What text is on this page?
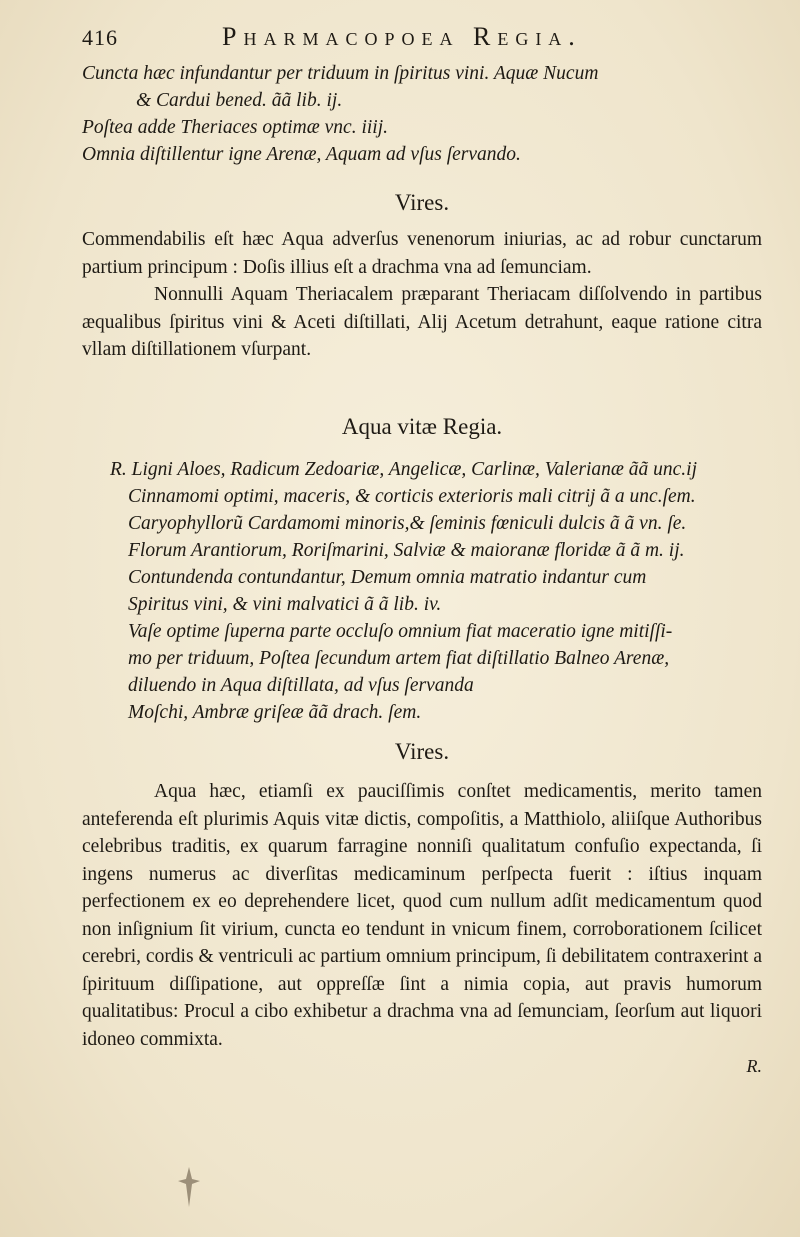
416	Pharmacopoea Regia.
Cuncta hæc infundantur per triduum in ſpiritus vini. Aquæ Nucum
& Cardui bened. ãã lib. ij.
Poſtea adde Theriaces optimæ vnc. iiij.
Omnia diſtillentur igne Arenæ, Aquam ad vſus ſervando.
Vires.

Commendabilis eſt hæc Aqua adverſus venenorum iniurias, ac ad robur cunctarum partium principum : Doſis illius eſt a drachma vna ad ſemunciam.

Nonnulli Aquam Theriacalem præparant Theriacam diſſolvendo in partibus æqualibus ſpiritus vini & Aceti diſtillati, Alij Acetum detrahunt, eaque ratione citra vllam diſtillationem vſurpant.

Aqua vitæ Regia.
R. Ligni Aloes, Radicum Zedoariæ, Angelicæ, Carlinæ, Valerianæ ãã unc.ij
Cinnamomi optimi, maceris, & corticis exterioris mali citrij ã a unc.ſem.
Caryophyllorũ Cardamomi minoris,& ſeminis fœniculi dulcis ã ã vn. ſe.
Florum Arantiorum, Roriſmarini, Salviæ & maioranæ floridæ ã ã m. ij.
Contundenda contundantur, Demum omnia matratio indantur cum
Spiritus vini, & vini malvatici ã ã lib. iv.
Vaſe optime ſuperna parte occluſo omnium fiat maceratio igne mitiſſi-
mo per triduum, Poſtea ſecundum artem fiat diſtillatio Balneo Arenæ,
diluendo in Aqua diſtillata, ad vſus ſervanda
Moſchi, Ambræ griſeæ ãã drach. ſem.
Vires.

Aqua hæc, etiamſi ex pauciſſimis conſtet medicamentis, merito tamen anteferenda eſt plurimis Aquis vitæ dictis, compoſitis, a Matthiolo, aliiſque Authoribus celebribus traditis, ex quarum farragine nonniſi qualitatum confuſio expectanda, ſi ingens numerus ac diverſitas medicaminum perſpecta fuerit : iſtius inquam perfectionem ex eo deprehendere licet, quod cum nullum adſit medicamentum quod non inſignium ſit virium, cuncta eo tendunt in vnicum finem, corroborationem ſcilicet cerebri, cordis & ventriculi ac partium omnium principum, ſi debilitatem contraxerint a ſpirituum diſſipatione, aut oppreſſæ ſint a nimia copia, aut pravis humorum qualitatibus: Procul a cibo exhibetur a drachma vna ad ſemunciam, ſeorſum aut liquori idoneo commixta.

R.
